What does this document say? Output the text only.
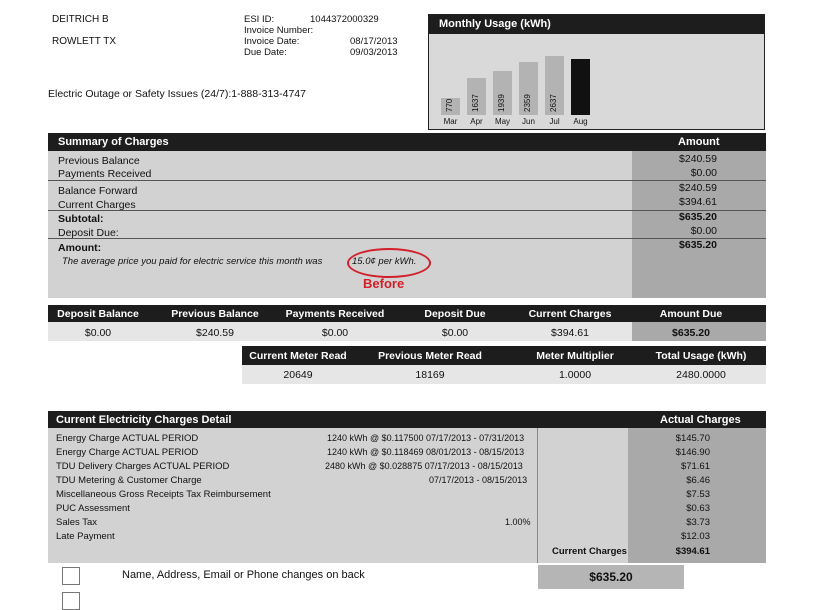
DEITRICH B
ROWLETT TX
ESI ID:	1044372000329
Invoice Number:
Invoice Date:	08/17/2013
Due Date:	09/03/2013
Electric Outage or Safety Issues (24/7):1-888-313-4747
Monthly Usage (kWh)
770
Mar
1637
Apr
1939
May
2359
Jun
2637
Jul	Aug
Summary of Charges	Amount
Previous Balance	$240.59
Payments Received	$0.00
Balance Forward	$240.59
Current Charges	$394.61
Subtotal:	$635.20
Deposit Due:	$0.00
Amount:	$635.20
The average price you paid for electric service this month was	15.0¢ per kWh.
Before
Deposit Balance	Previous Balance	Payments Received	Deposit Due	Current Charges	Amount Due
$0.00	$240.59	$0.00	$0.00	$394.61	$635.20
Current Meter Read	Previous Meter Read	Meter Multiplier	Total Usage (kWh)
20649	18169	1.0000	2480.0000
Current Electricity Charges Detail	Actual Charges
Energy Charge ACTUAL PERIOD	1240 kWh @ $0.117500 07/17/2013 - 07/31/2013	$145.70
Energy Charge ACTUAL PERIOD	1240 kWh @ $0.118469 08/01/2013 - 08/15/2013	$146.90
TDU Delivery Charges ACTUAL PERIOD	2480 kWh @ $0.028875 07/17/2013 - 08/15/2013	$71.61
TDU Metering & Customer Charge	07/17/2013 - 08/15/2013	$6.46
Miscellaneous Gross Receipts Tax Reimbursement	$7.53
PUC Assessment	$0.63
Sales Tax	1.00%	$3.73
Late Payment	$12.03
Current Charges	$394.61
Name, Address, Email or Phone changes on back	$635.20
